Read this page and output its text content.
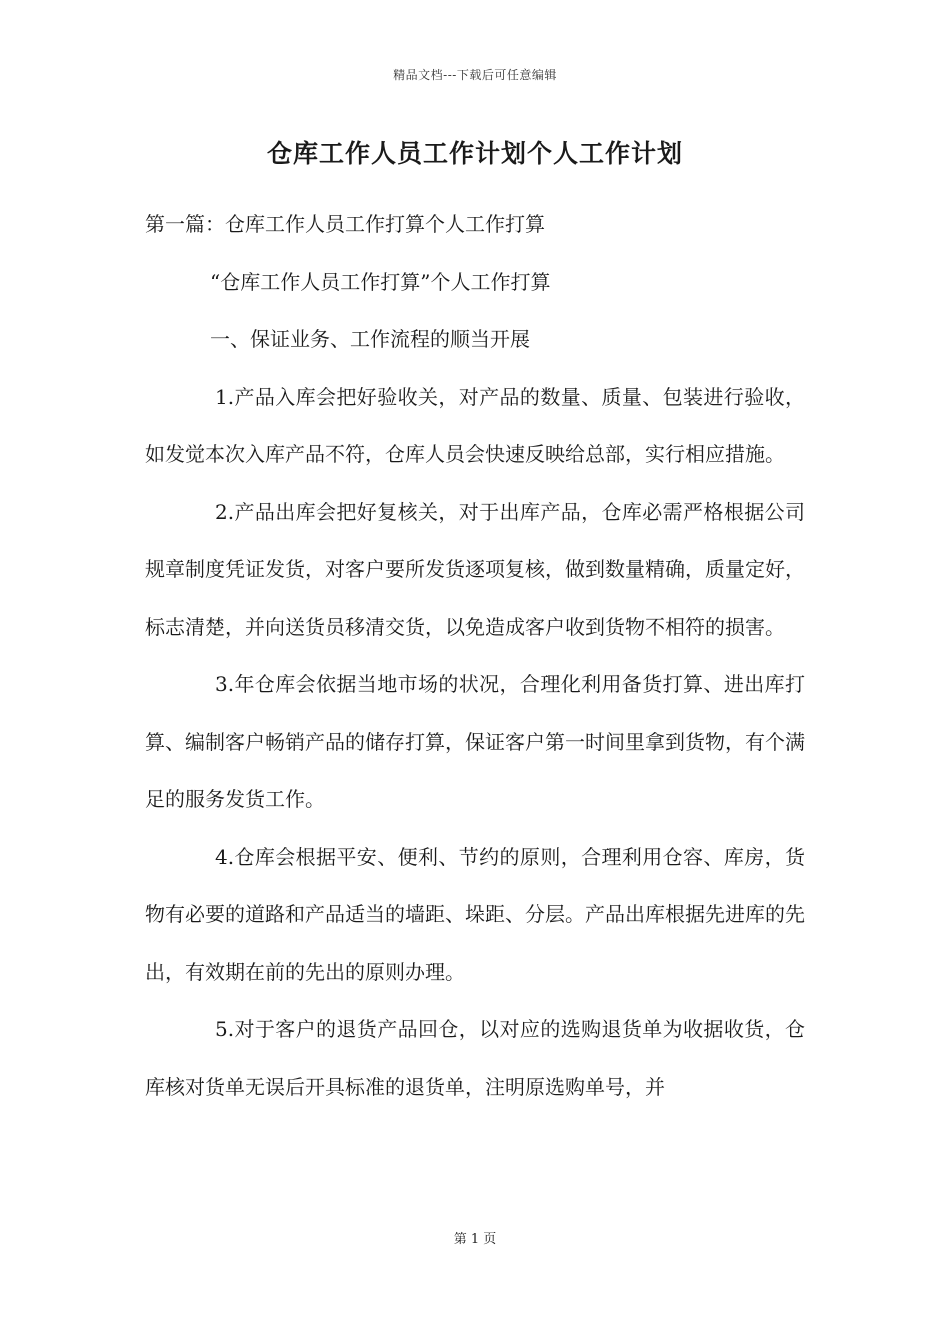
精品文档---下载后可任意编辑
仓库工作人员工作计划个人工作计划

第一篇：仓库工作人员工作打算个人工作打算

“仓库工作人员工作打算”个人工作打算

一、保证业务、工作流程的顺当开展

1.产品入库会把好验收关，对产品的数量、质量、包装进行验收，如发觉本次入库产品不符，仓库人员会快速反映给总部，实行相应措施。

2.产品出库会把好复核关，对于出库产品，仓库必需严格根据公司规章制度凭证发货，对客户要所发货逐项复核，做到数量精确，质量定好，标志清楚，并向送货员移清交货，以免造成客户收到货物不相符的损害。

3.年仓库会依据当地市场的状况，合理化利用备货打算、进出库打算、编制客户畅销产品的储存打算，保证客户第一时间里拿到货物，有个满足的服务发货工作。

4.仓库会根据平安、便利、节约的原则，合理利用仓容、库房，货物有必要的道路和产品适当的墙距、垛距、分层。产品出库根据先进库的先出，有效期在前的先出的原则办理。

5.对于客户的退货产品回仓，以对应的选购退货单为收据收货，仓库核对货单无误后开具标准的退货单，注明原选购单号，并

第 1 页
